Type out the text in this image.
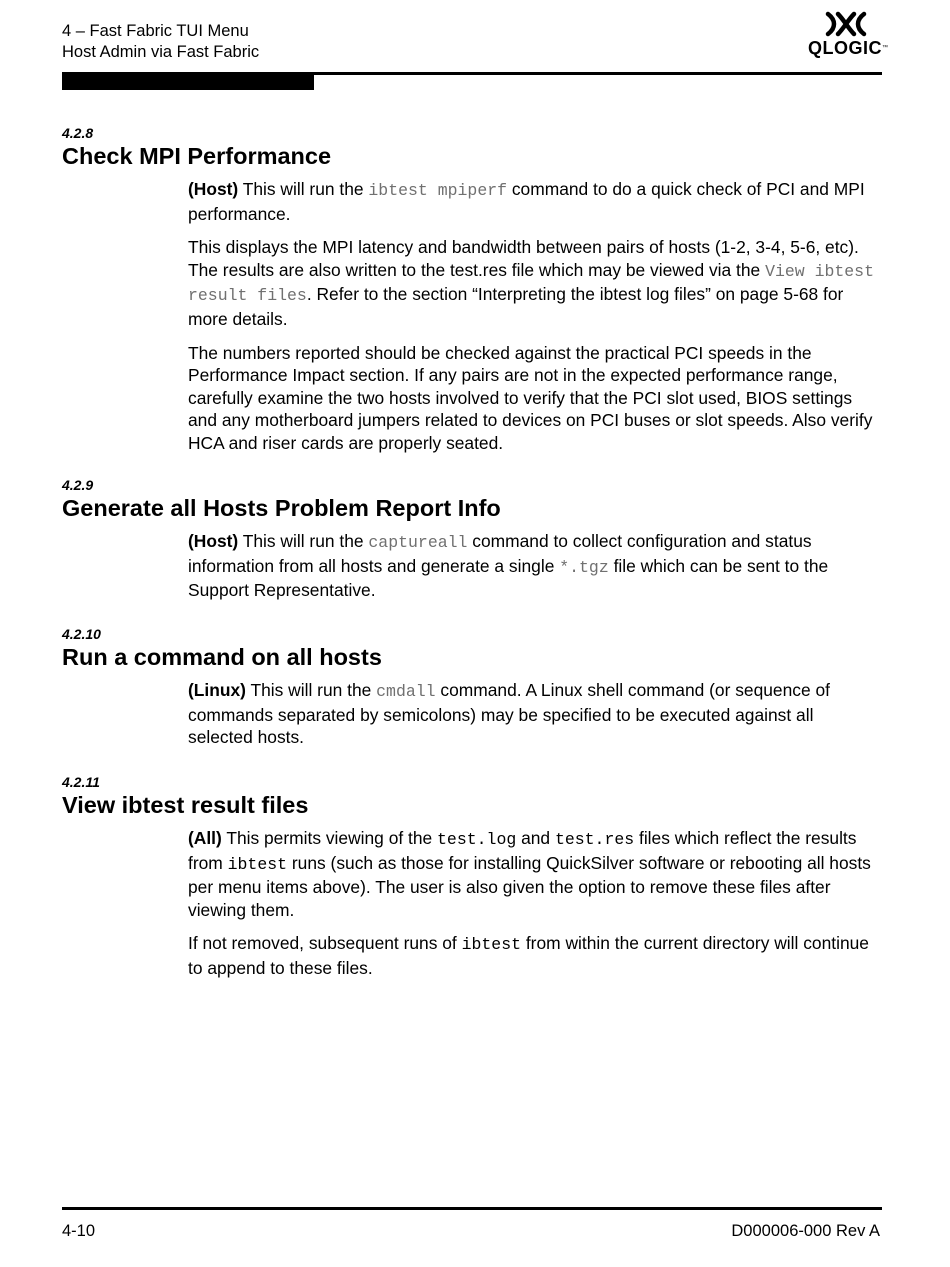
4 – Fast Fabric TUI Menu
Host Admin via Fast Fabric	QLOGIC™
4.2.8
Check MPI Performance

(Host) This will run the ibtest mpiperf command to do a quick check of PCI and MPI performance.

This displays the MPI latency and bandwidth between pairs of hosts (1-2, 3-4, 5-6, etc). The results are also written to the test.res file which may be viewed via the View ibtest result files. Refer to the section “Interpreting the ibtest log files” on page 5-68 for more details.

The numbers reported should be checked against the practical PCI speeds in the Performance Impact section. If any pairs are not in the expected performance range, carefully examine the two hosts involved to verify that the PCI slot used, BIOS settings and any motherboard jumpers related to devices on PCI buses or slot speeds. Also verify HCA and riser cards are properly seated.

4.2.9
Generate all Hosts Problem Report Info

(Host) This will run the captureall command to collect configuration and status information from all hosts and generate a single *.tgz file which can be sent to the Support Representative.

4.2.10
Run a command on all hosts

(Linux) This will run the cmdall command. A Linux shell command (or sequence of commands separated by semicolons) may be specified to be executed against all selected hosts.

4.2.11
View ibtest result files

(All) This permits viewing of the test.log and test.res files which reflect the results from ibtest runs (such as those for installing QuickSilver software or rebooting all hosts per menu items above). The user is also given the option to remove these files after viewing them.

If not removed, subsequent runs of ibtest from within the current directory will continue to append to these files.

4-10	D000006-000 Rev A
